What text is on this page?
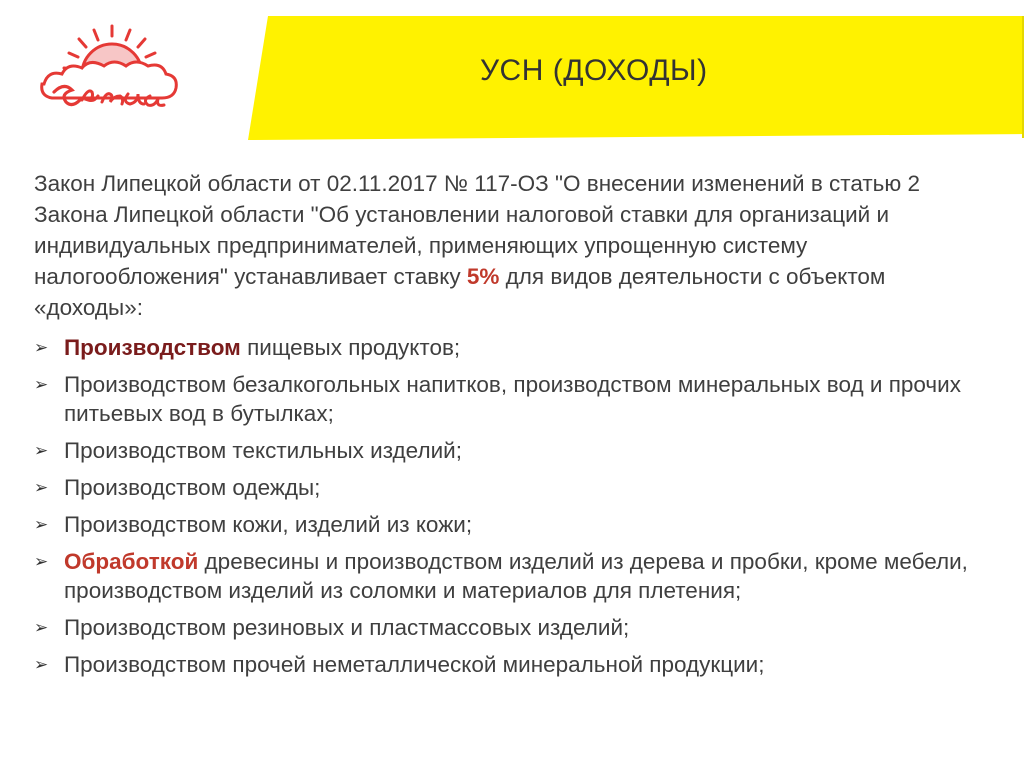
УСН (ДОХОДЫ)

Закон Липецкой области от 02.11.2017 № 117-ОЗ "О внесении изменений в статью 2 Закона Липецкой области "Об установлении налоговой ставки для организаций и индивидуальных предпринимателей, применяющих упрощенную систему налогообложения" устанавливает ставку 5% для видов деятельности с объектом «доходы»:

➢ Производством пищевых продуктов;
➢ Производством безалкогольных напитков, производством минеральных вод и прочих питьевых вод в бутылках;
➢ Производством текстильных изделий;
➢ Производством одежды;
➢ Производством кожи, изделий из кожи;
➢ Обработкой древесины и производством изделий из дерева и пробки, кроме мебели, производством изделий из соломки и материалов для плетения;
➢ Производством резиновых и пластмассовых изделий;
➢ Производством прочей неметаллической минеральной продукции;
